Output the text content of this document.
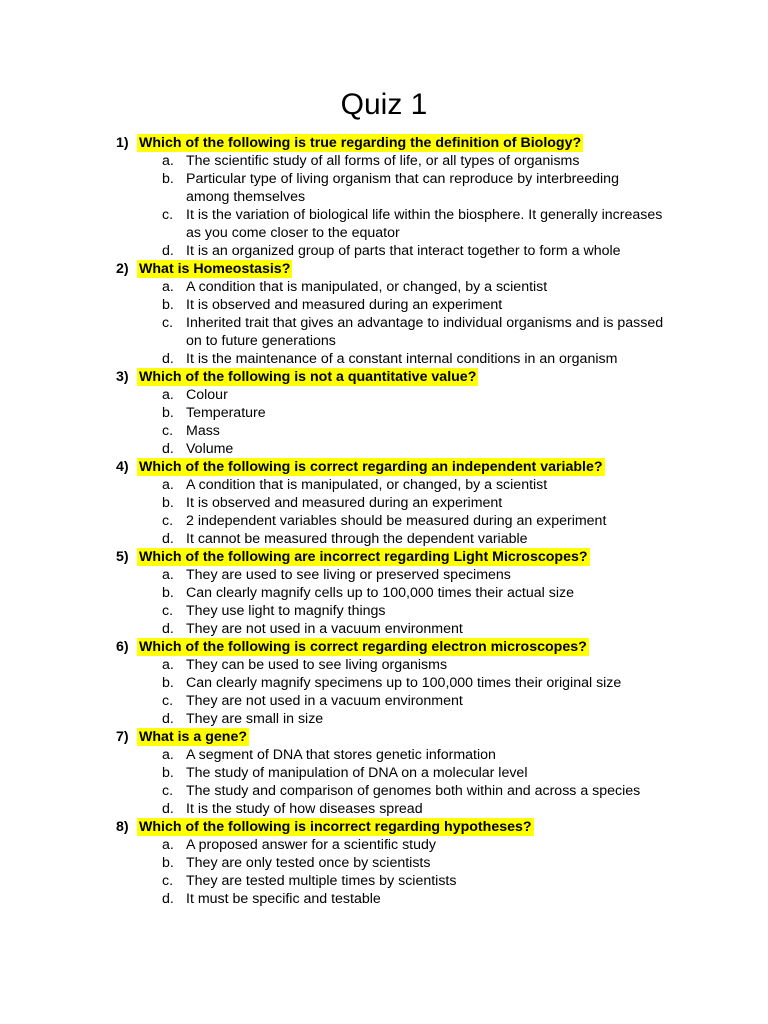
Quiz 1
1) Which of the following is true regarding the definition of Biology?
a. The scientific study of all forms of life, or all types of organisms
b. Particular type of living organism that can reproduce by interbreeding among themselves
c. It is the variation of biological life within the biosphere. It generally increases as you come closer to the equator
d. It is an organized group of parts that interact together to form a whole
2) What is Homeostasis?
a. A condition that is manipulated, or changed, by a scientist
b. It is observed and measured during an experiment
c. Inherited trait that gives an advantage to individual organisms and is passed on to future generations
d. It is the maintenance of a constant internal conditions in an organism
3) Which of the following is not a quantitative value?
a. Colour
b. Temperature
c. Mass
d. Volume
4) Which of the following is correct regarding an independent variable?
a. A condition that is manipulated, or changed, by a scientist
b. It is observed and measured during an experiment
c. 2 independent variables should be measured during an experiment
d. It cannot be measured through the dependent variable
5) Which of the following are incorrect regarding Light Microscopes?
a. They are used to see living or preserved specimens
b. Can clearly magnify cells up to 100,000 times their actual size
c. They use light to magnify things
d. They are not used in a vacuum environment
6) Which of the following is correct regarding electron microscopes?
a. They can be used to see living organisms
b. Can clearly magnify specimens up to 100,000 times their original size
c. They are not used in a vacuum environment
d. They are small in size
7) What is a gene?
a. A segment of DNA that stores genetic information
b. The study of manipulation of DNA on a molecular level
c. The study and comparison of genomes both within and across a species
d. It is the study of how diseases spread
8) Which of the following is incorrect regarding hypotheses?
a. A proposed answer for a scientific study
b. They are only tested once by scientists
c. They are tested multiple times by scientists
d. It must be specific and testable
